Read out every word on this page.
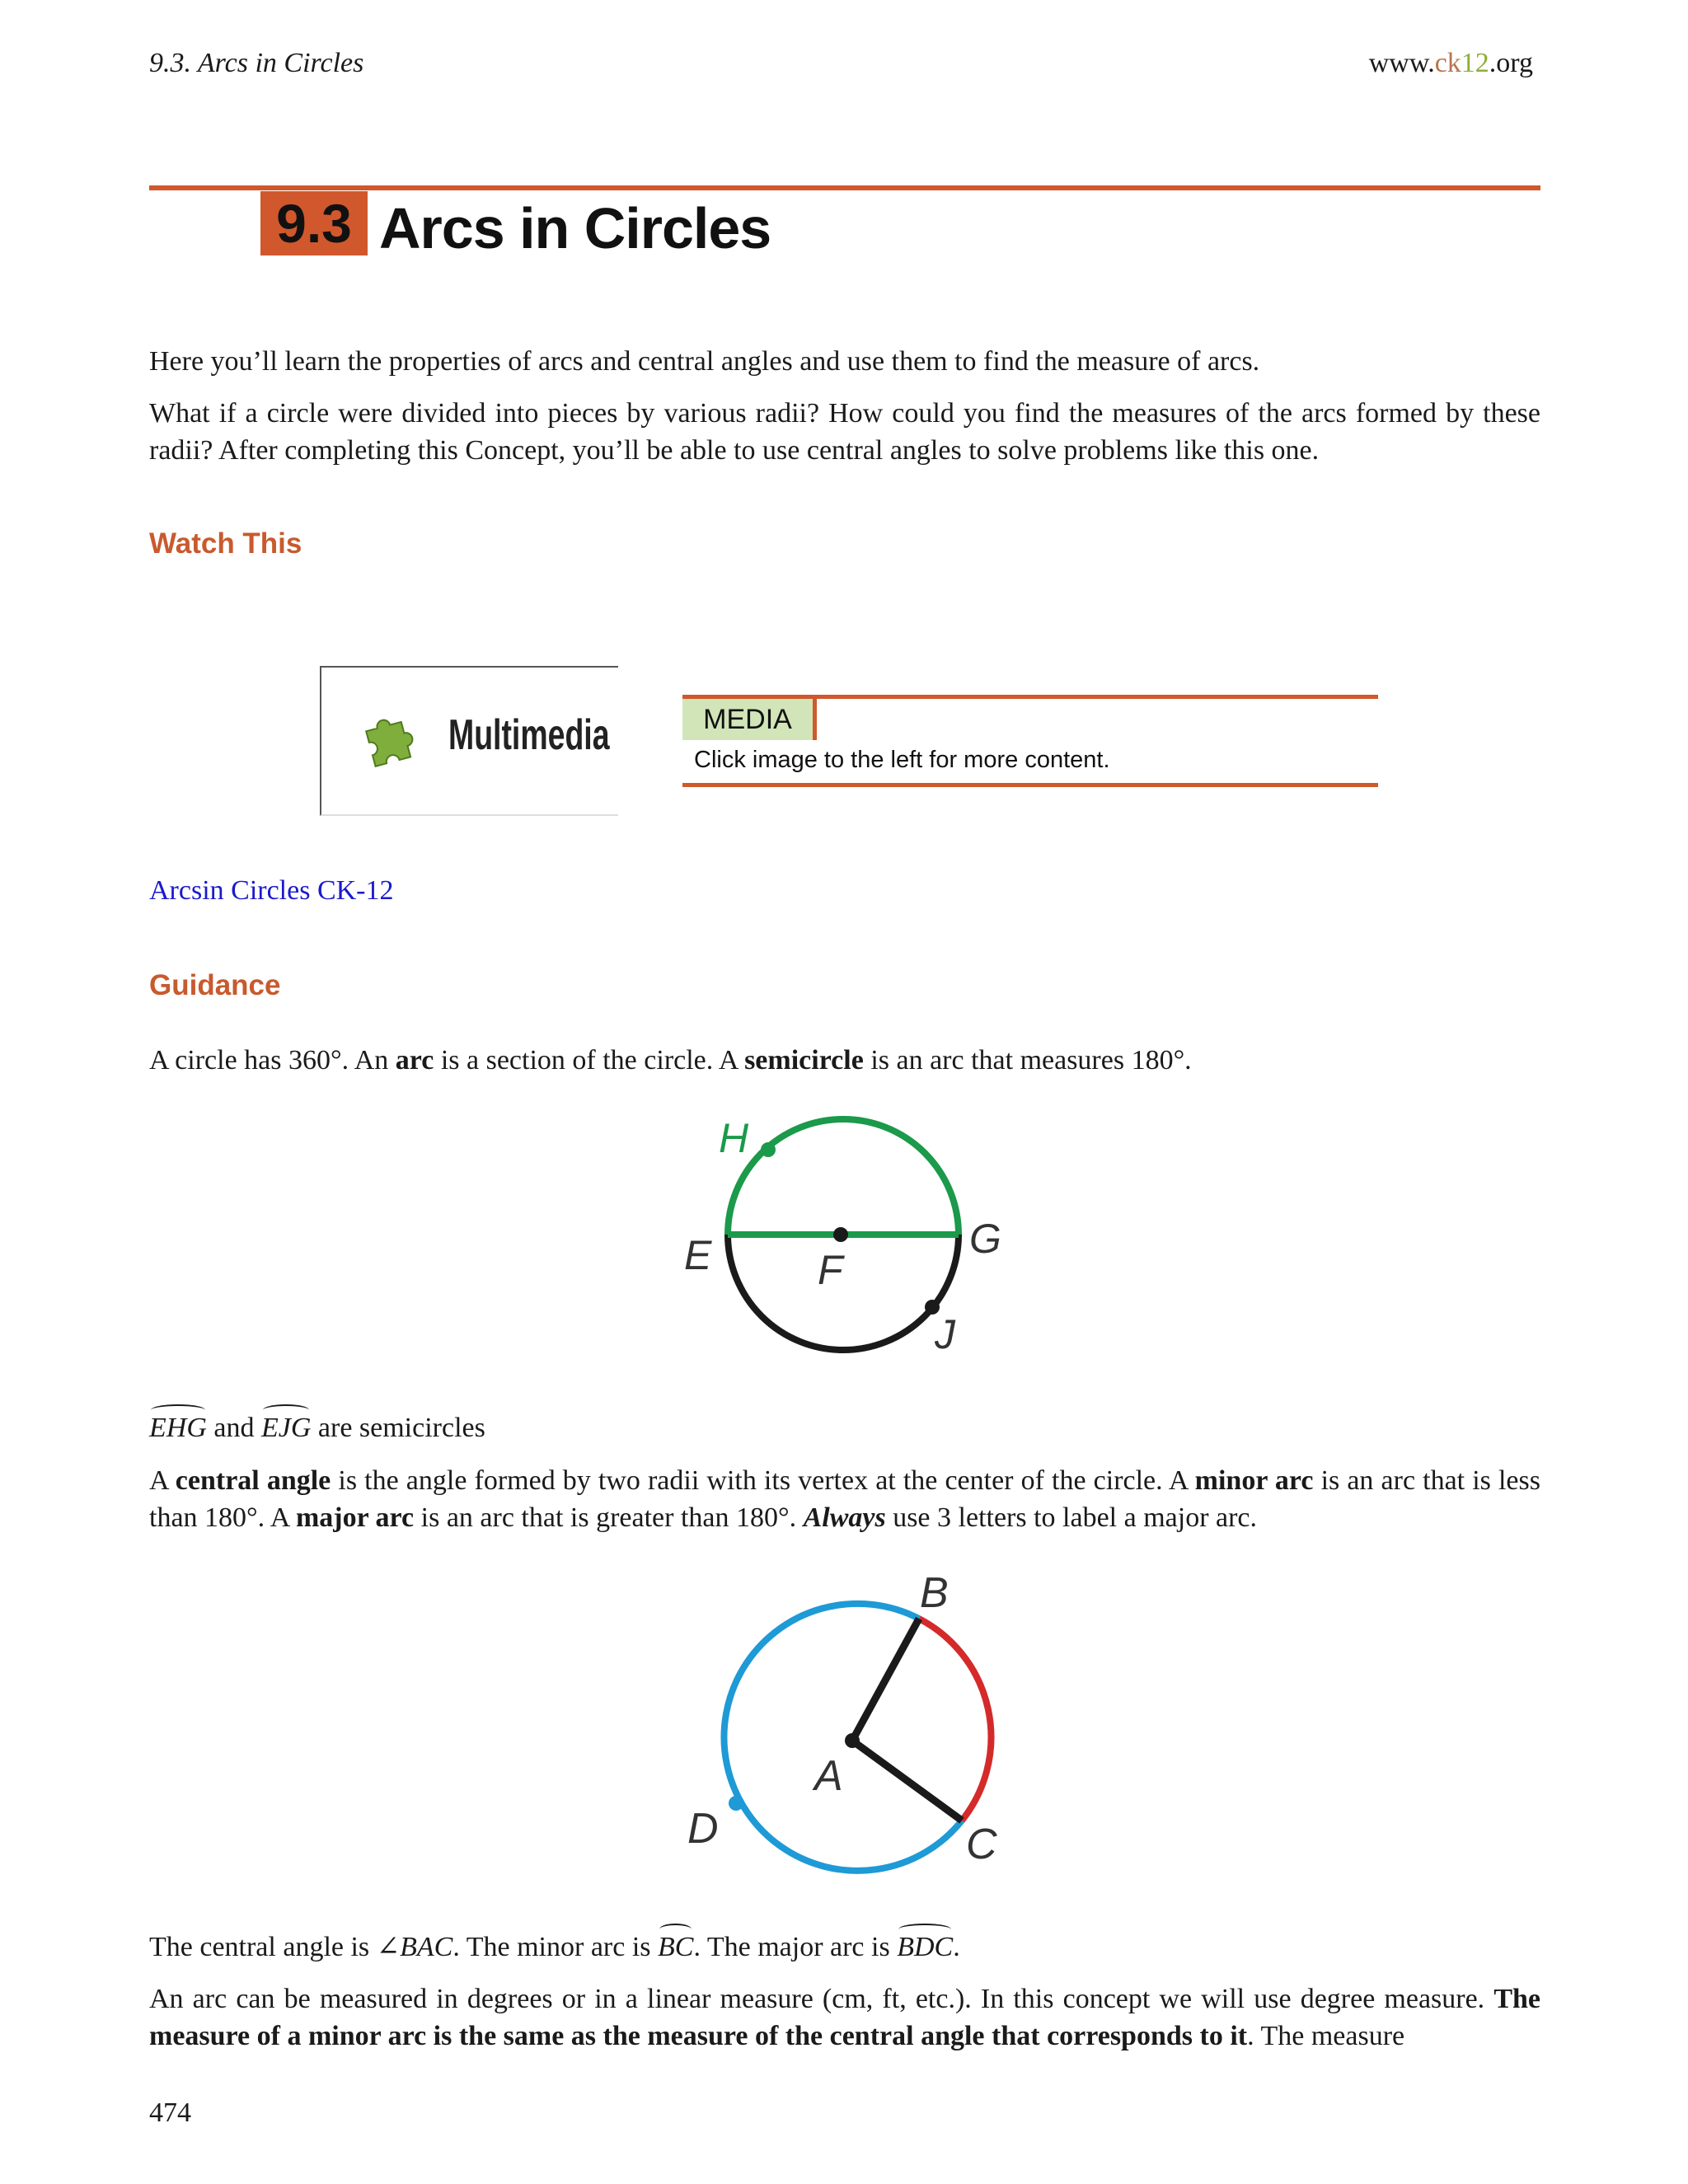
9.3. Arcs in Circles	www.ck12.org
9.3 Arcs in Circles
Here you’ll learn the properties of arcs and central angles and use them to find the measure of arcs.
What if a circle were divided into pieces by various radii? How could you find the measures of the arcs formed by these radii? After completing this Concept, you’ll be able to use central angles to solve problems like this one.
Watch This
Multimedia	MEDIA
Click image to the left for more content.
Arcsin Circles CK-12
Guidance
A circle has 360°. An arc is a section of the circle. A semicircle is an arc that measures 180°.
H
E	F
G
J
EHG and EJG are semicircles
A central angle is the angle formed by two radii with its vertex at the center of the circle. A minor arc is an arc that is less than 180°. A major arc is an arc that is greater than 180°. Always use 3 letters to label a major arc.
B
A
D	C
The central angle is ∠BAC. The minor arc is BC. The major arc is BDC.
An arc can be measured in degrees or in a linear measure (cm, ft, etc.). In this concept we will use degree measure. The measure of a minor arc is the same as the measure of the central angle that corresponds to it. The measure
474
